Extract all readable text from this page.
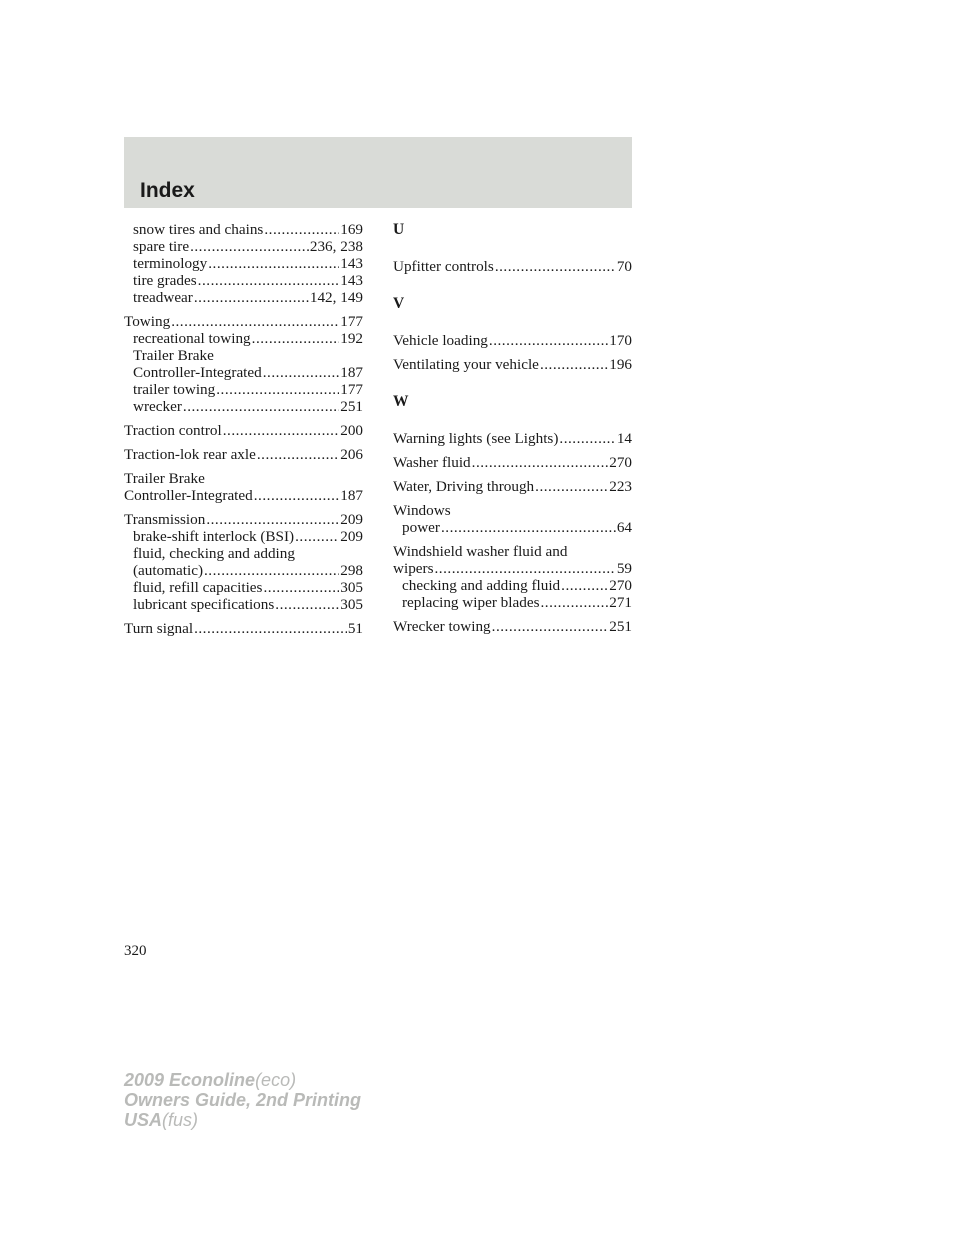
Index
snow tires and chains .....	169
spare tire .....	236, 238
terminology .....	143
tire grades .....	143
treadwear .....	142, 149
Towing .....	177
recreational towing .....	192
Trailer Brake
Controller-Integrated .....	187
trailer towing .....	177
wrecker .....	251
Traction control .....	200
Traction-lok rear axle .....	206
Trailer Brake
Controller-Integrated .....	187
Transmission .....	209
brake-shift interlock (BSI) .....	209
fluid, checking and adding
(automatic) .....	298
fluid, refill capacities .....	305
lubricant specifications .....	305
Turn signal .....	51
U
Upfitter controls .....	70
V
Vehicle loading .....	170
Ventilating your vehicle .....	196
W
Warning lights (see Lights) .....	14
Washer fluid .....	270
Water, Driving through .....	223
Windows
power .....	64
Windshield washer fluid and
wipers .....	59
checking and adding fluid .....	270
replacing wiper blades .....	271
Wrecker towing .....	251
320
2009 Econoline(eco)
Owners Guide, 2nd Printing
USA(fus)
